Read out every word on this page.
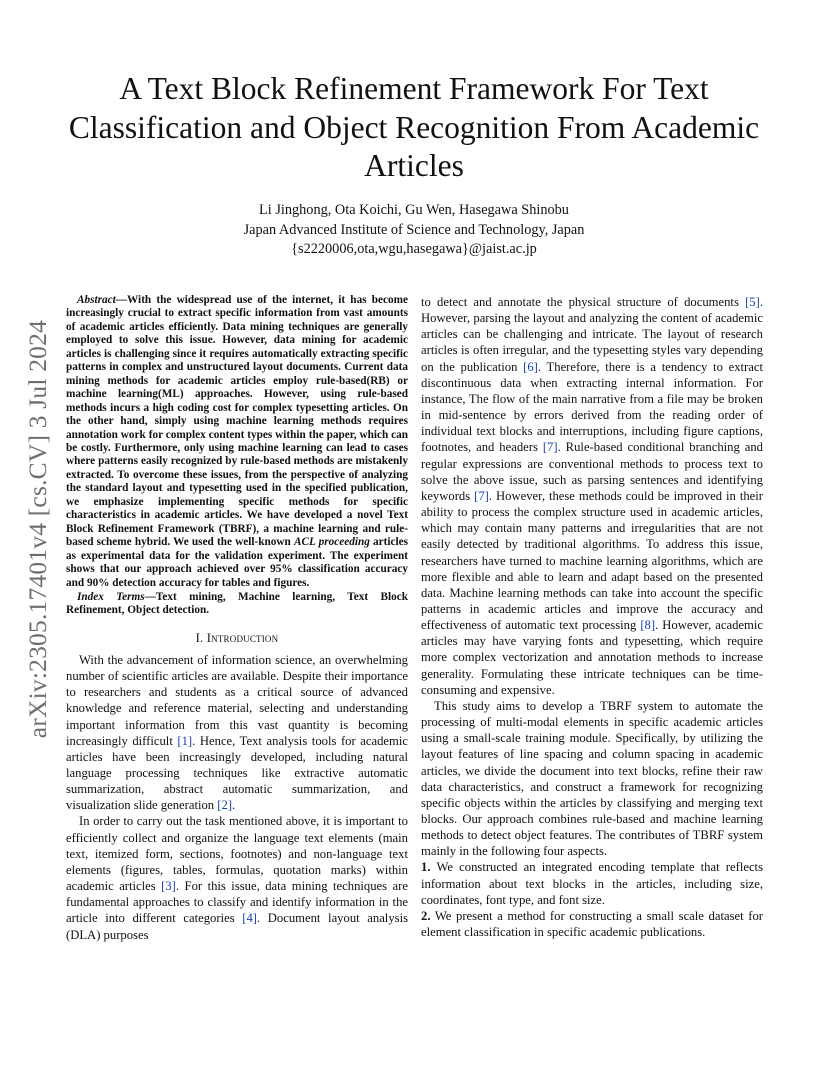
arXiv:2305.17401v4 [cs.CV] 3 Jul 2024
A Text Block Refinement Framework For Text Classification and Object Recognition From Academic Articles
Li Jinghong, Ota Koichi, Gu Wen, Hasegawa Shinobu
Japan Advanced Institute of Science and Technology, Japan
{s2220006,ota,wgu,hasegawa}@jaist.ac.jp

Abstract—With the widespread use of the internet, it has become increasingly crucial to extract specific information from vast amounts of academic articles efficiently. Data mining techniques are generally employed to solve this issue. However, data mining for academic articles is challenging since it requires automatically extracting specific patterns in complex and unstructured layout documents. Current data mining methods for academic articles employ rule-based(RB) or machine learning(ML) approaches. However, using rule-based methods incurs a high coding cost for complex typesetting articles. On the other hand, simply using machine learning methods requires annotation work for complex content types within the paper, which can be costly. Furthermore, only using machine learning can lead to cases where patterns easily recognized by rule-based methods are mistakenly extracted. To overcome these issues, from the perspective of analyzing the standard layout and typesetting used in the specified publication, we emphasize implementing specific methods for specific characteristics in academic articles. We have developed a novel Text Block Refinement Framework (TBRF), a machine learning and rule-based scheme hybrid. We used the well-known ACL proceeding articles as experimental data for the validation experiment. The experiment shows that our approach achieved over 95% classification accuracy and 90% detection accuracy for tables and figures.

Index Terms—Text mining, Machine learning, Text Block Refinement, Object detection.

I. Introduction

With the advancement of information science, an overwhelming number of scientific articles are available. Despite their importance to researchers and students as a critical source of advanced knowledge and reference material, selecting and understanding important information from this vast quantity is becoming increasingly difficult [1]. Hence, Text analysis tools for academic articles have been increasingly developed, including natural language processing techniques like extractive automatic summarization, abstract automatic summarization, and visualization slide generation [2].

In order to carry out the task mentioned above, it is important to efficiently collect and organize the language text elements (main text, itemized form, sections, footnotes) and non-language text elements (figures, tables, formulas, quotation marks) within academic articles [3]. For this issue, data mining techniques are fundamental approaches to classify and identify information in the article into different categories [4]. Document layout analysis (DLA) purposes

to detect and annotate the physical structure of documents [5]. However, parsing the layout and analyzing the content of academic articles can be challenging and intricate. The layout of research articles is often irregular, and the typesetting styles vary depending on the publication [6]. Therefore, there is a tendency to extract discontinuous data when extracting internal information. For instance, The flow of the main narrative from a file may be broken in mid-sentence by errors derived from the reading order of individual text blocks and interruptions, including figure captions, footnotes, and headers [7]. Rule-based conditional branching and regular expressions are conventional methods to process text to solve the above issue, such as parsing sentences and identifying keywords [7]. However, these methods could be improved in their ability to process the complex structure used in academic articles, which may contain many patterns and irregularities that are not easily detected by traditional algorithms. To address this issue, researchers have turned to machine learning algorithms, which are more flexible and able to learn and adapt based on the presented data. Machine learning methods can take into account the specific patterns in academic articles and improve the accuracy and effectiveness of automatic text processing [8]. However, academic articles may have varying fonts and typesetting, which require more complex vectorization and annotation methods to increase generality. Formulating these intricate techniques can be time-consuming and expensive.

This study aims to develop a TBRF system to automate the processing of multi-modal elements in specific academic articles using a small-scale training module. Specifically, by utilizing the layout features of line spacing and column spacing in academic articles, we divide the document into text blocks, refine their raw data characteristics, and construct a framework for recognizing specific objects within the articles by classifying and merging text blocks. Our approach combines rule-based and machine learning methods to detect object features. The contributes of TBRF system mainly in the following four aspects.

1. We constructed an integrated encoding template that reflects information about text blocks in the articles, including size, coordinates, font type, and font size.

2. We present a method for constructing a small scale dataset for element classification in specific academic publications.
